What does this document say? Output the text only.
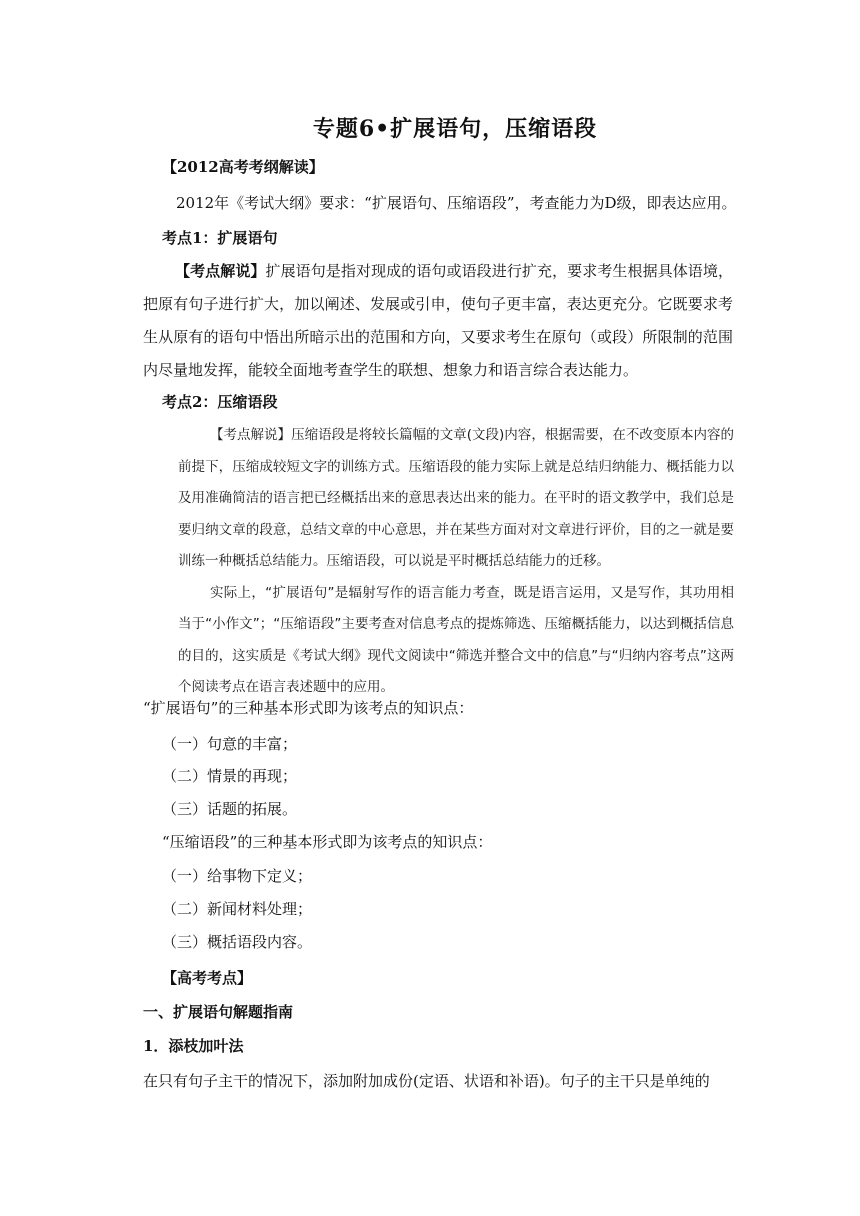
专题6•扩展语句，压缩语段
【2012高考考纲解读】
2012年《考试大纲》要求：“扩展语句、压缩语段”，考查能力为D级，即表达应用。
考点1：扩展语句

【考点解说】扩展语句是指对现成的语句或语段进行扩充，要求考生根据具体语境，把原有句子进行扩大，加以阐述、发展或引申，使句子更丰富，表达更充分。它既要求考生从原有的语句中悟出所暗示出的范围和方向，又要求考生在原句（或段）所限制的范围内尽量地发挥，能较全面地考查学生的联想、想象力和语言综合表达能力。

考点2：压缩语段

【考点解说】压缩语段是将较长篇幅的文章(文段)内容，根据需要，在不改变原本内容的前提下，压缩成较短文字的训练方式。压缩语段的能力实际上就是总结归纳能力、概括能力以及用准确简洁的语言把已经概括出来的意思表达出来的能力。在平时的语文教学中，我们总是要归纳文章的段意，总结文章的中心意思，并在某些方面对对文章进行评价，目的之一就是要训练一种概括总结能力。压缩语段，可以说是平时概括总结能力的迁移。

实际上，“扩展语句”是辐射写作的语言能力考查，既是语言运用，又是写作，其功用相当于“小作文”；“压缩语段”主要考查对信息考点的提炼筛选、压缩概括能力，以达到概括信息的目的，这实质是《考试大纲》现代文阅读中“筛选并整合文中的信息”与“归纳内容考点”这两个阅读考点在语言表述题中的应用。

“扩展语句”的三种基本形式即为该考点的知识点：
（一）句意的丰富；
（二）情景的再现；
（三）话题的拓展。
“压缩语段”的三种基本形式即为该考点的知识点：
（一）给事物下定义；
（二）新闻材料处理；
（三）概括语段内容。
【高考考点】
一、扩展语句解题指南
1．添枝加叶法
在只有句子主干的情况下，添加附加成份(定语、状语和补语)。句子的主干只是单纯的
